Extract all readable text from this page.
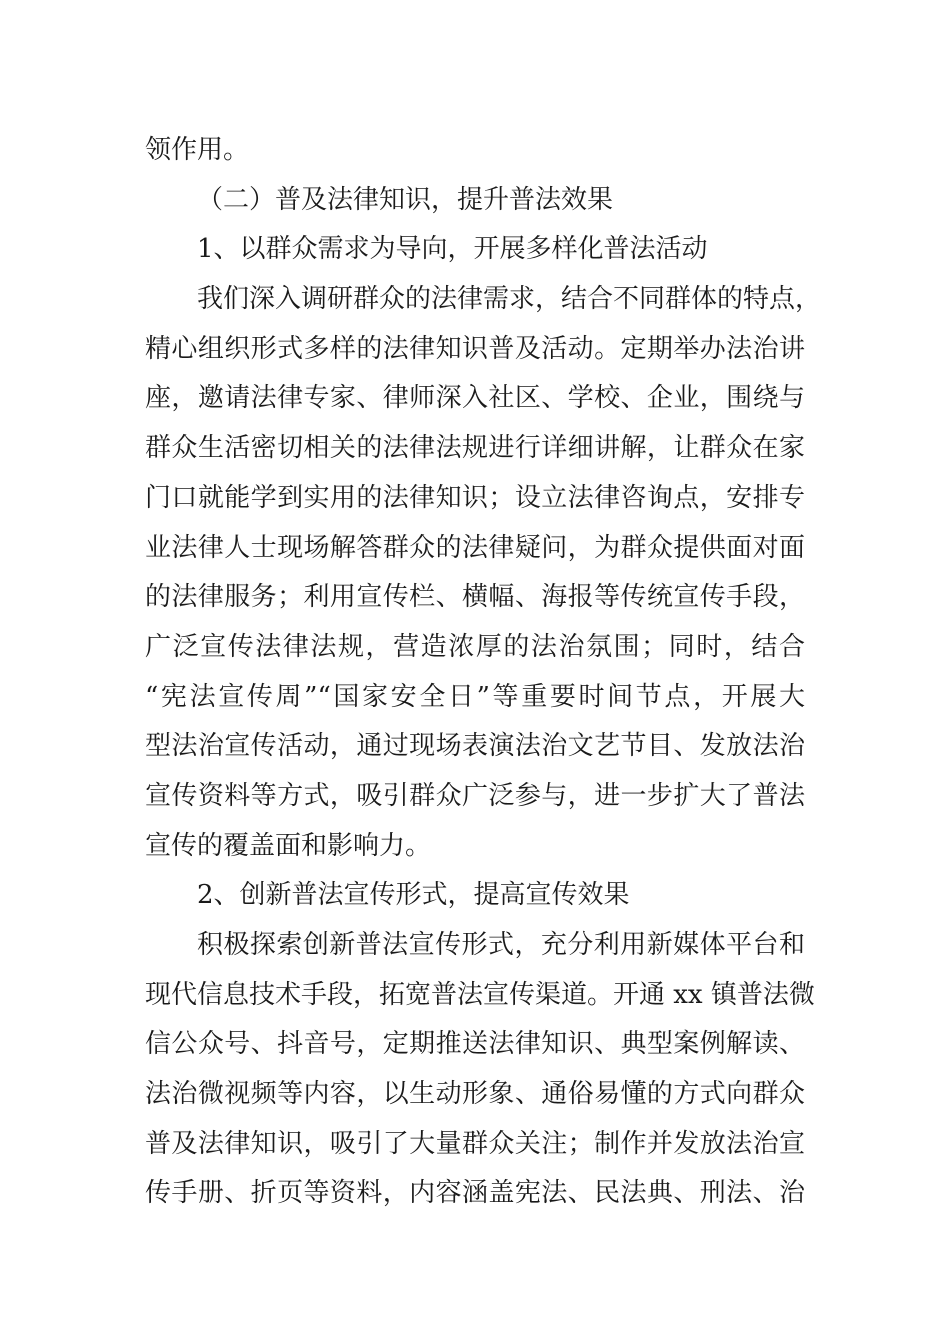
领作用。

（二）普及法律知识，提升普法效果

1、以群众需求为导向，开展多样化普法活动

我们深入调研群众的法律需求，结合不同群体的特点，

精心组织形式多样的法律知识普及活动。定期举办法治讲

座，邀请法律专家、律师深入社区、学校、企业，围绕与

群众生活密切相关的法律法规进行详细讲解，让群众在家

门口就能学到实用的法律知识；设立法律咨询点，安排专

业法律人士现场解答群众的法律疑问，为群众提供面对面

的法律服务；利用宣传栏、横幅、海报等传统宣传手段，

广泛宣传法律法规，营造浓厚的法治氛围；同时，结合

“宪法宣传周”“国家安全日”等重要时间节点，开展大

型法治宣传活动，通过现场表演法治文艺节目、发放法治

宣传资料等方式，吸引群众广泛参与，进一步扩大了普法

宣传的覆盖面和影响力。

2、创新普法宣传形式，提高宣传效果

积极探索创新普法宣传形式，充分利用新媒体平台和

现代信息技术手段，拓宽普法宣传渠道。开通 xx 镇普法微

信公众号、抖音号，定期推送法律知识、典型案例解读、

法治微视频等内容，以生动形象、通俗易懂的方式向群众

普及法律知识，吸引了大量群众关注；制作并发放法治宣

传手册、折页等资料，内容涵盖宪法、民法典、刑法、治
